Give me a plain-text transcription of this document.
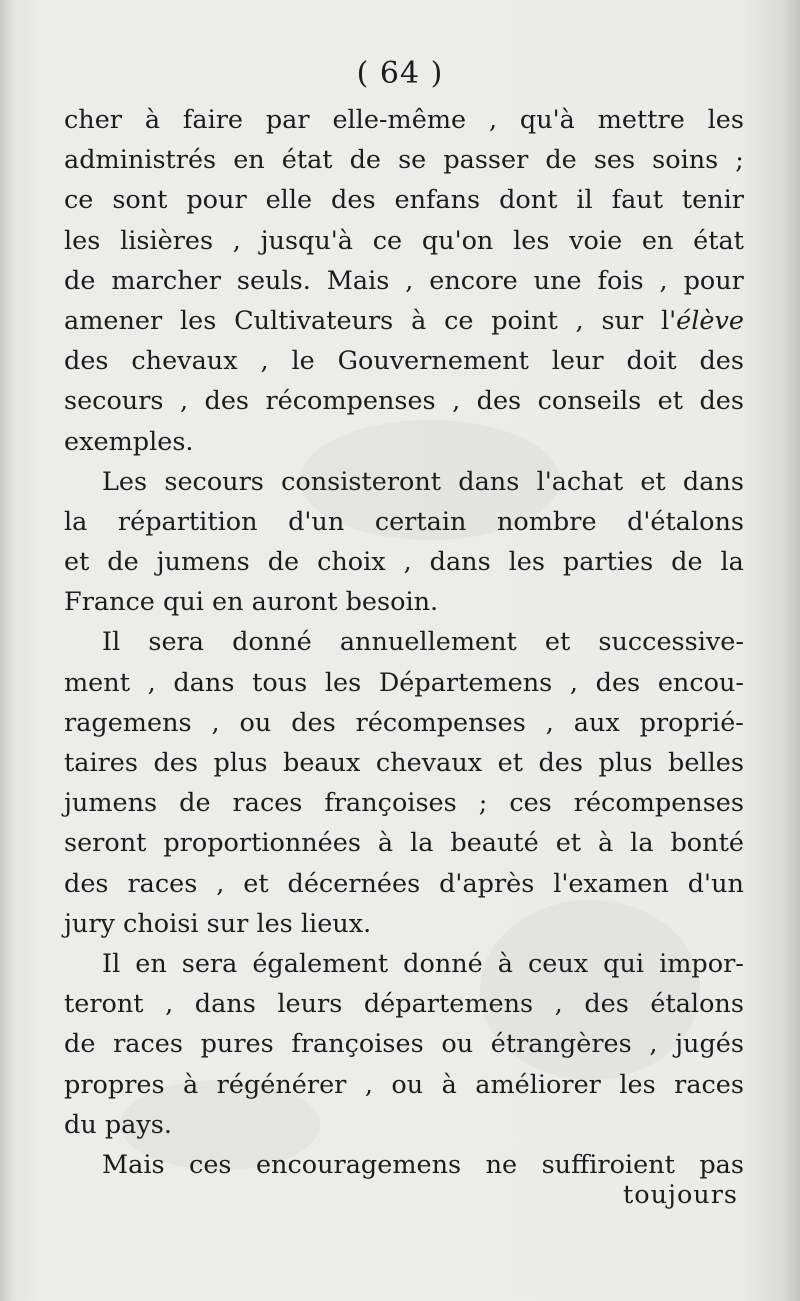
( 64 )
cher à faire par elle-même , qu'à mettre les
administrés en état de se passer de ses soins ;
ce sont pour elle des enfans dont il faut tenir
les lisières , jusqu'à ce qu'on les voie en état
de marcher seuls. Mais , encore une fois , pour
amener les Cultivateurs à ce point , sur l'élève
des chevaux , le Gouvernement leur doit des
secours , des récompenses , des conseils et des
exemples.

Les secours consisteront dans l'achat et dans
la répartition d'un certain nombre d'étalons
et de jumens de choix , dans les parties de la
France
qui
en
auront
besoin.

Il sera donné annuellement et successive-
ment , dans tous les Départemens , des encou-
ragemens , ou des récompenses , aux proprié-
taires des plus beaux chevaux et des plus belles
jumens de races françoises ; ces récompenses
seront proportionnées à la beauté et à la bonté
des races , et décernées d'après l'examen d'un
jury
choisi
sur
les
lieux.

Il en sera également donné à ceux qui impor-
teront , dans leurs départemens , des étalons
de races pures françoises ou étrangères , jugés
propres à régénérer , ou à améliorer les races
du
pays.

Mais ces encouragemens ne suffiroient pas
toujours
